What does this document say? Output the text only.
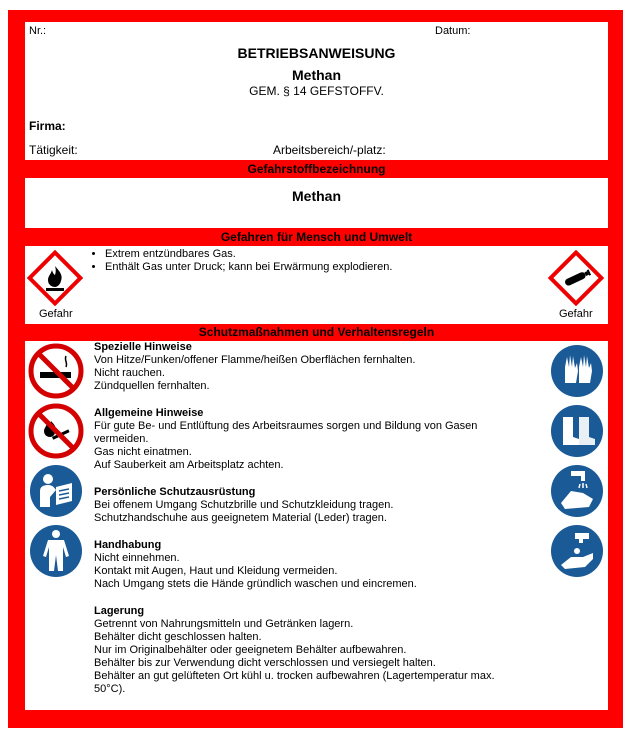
Nr.:	Datum:
BETRIEBSANWEISUNG
Methan
GEM. § 14 GEFSTOFFV.
Firma:
Tätigkeit:	Arbeitsbereich/-platz:
Gefahrstoffbezeichnung
Methan
Gefahren für Mensch und Umwelt
Gefahr
• Extrem entzündbares Gas.
• Enthält Gas unter Druck; kann bei Erwärmung explodieren.
Gefahr
Schutzmaßnahmen und Verhaltensregeln
Spezielle Hinweise
Von Hitze/Funken/offener Flamme/heißen Oberflächen fernhalten.
Nicht rauchen.
Zündquellen fernhalten.
Allgemeine Hinweise
Für gute Be- und Entlüftung des Arbeitsraumes sorgen und Bildung von Gasen
vermeiden.
Gas nicht einatmen.
Auf Sauberkeit am Arbeitsplatz achten.
Persönliche Schutzausrüstung
Bei offenem Umgang Schutzbrille und Schutzkleidung tragen.
Schutzhandschuhe aus geeignetem Material (Leder) tragen.
Handhabung
Nicht einnehmen.
Kontakt mit Augen, Haut und Kleidung vermeiden.
Nach Umgang stets die Hände gründlich waschen und eincremen.
Lagerung
Getrennt von Nahrungsmitteln und Getränken lagern.
Behälter dicht geschlossen halten.
Nur im Originalbehälter oder geeignetem Behälter aufbewahren.
Behälter bis zur Verwendung dicht verschlossen und versiegelt halten.
Behälter an gut gelüfteten Ort kühl u. trocken aufbewahren (Lagertemperatur max.
50°C).
